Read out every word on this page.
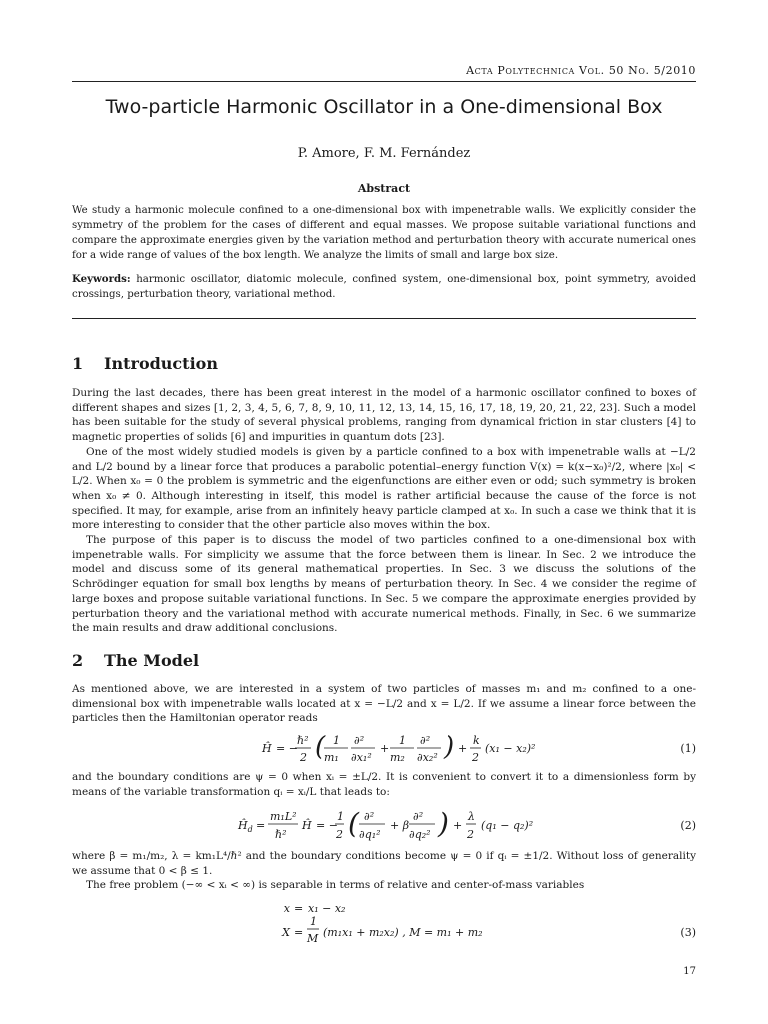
Acta Polytechnica Vol. 50 No. 5/2010
Two-particle Harmonic Oscillator in a One-dimensional Box
P. Amore, F. M. Fernández
Abstract
We study a harmonic molecule confined to a one-dimensional box with impenetrable walls. We explicitly consider the symmetry of the problem for the cases of different and equal masses. We propose suitable variational functions and compare the approximate energies given by the variation method and perturbation theory with accurate numerical ones for a wide range of values of the box length. We analyze the limits of small and large box size.
Keywords: harmonic oscillator, diatomic molecule, confined system, one-dimensional box, point symmetry, avoided crossings, perturbation theory, variational method.
1 Introduction

During the last decades, there has been great interest in the model of a harmonic oscillator confined to boxes of different shapes and sizes [1, 2, 3, 4, 5, 6, 7, 8, 9, 10, 11, 12, 13, 14, 15, 16, 17, 18, 19, 20, 21, 22, 23]. Such a model has been suitable for the study of several physical problems, ranging from dynamical friction in star clusters [4] to magnetic properties of solids [6] and impurities in quantum dots [23].

One of the most widely studied models is given by a particle confined to a box with impenetrable walls at −L/2 and L/2 bound by a linear force that produces a parabolic potential–energy function V(x) = k(x−x₀)²/2, where |x₀| < L/2. When x₀ = 0 the problem is symmetric and the eigenfunctions are either even or odd; such symmetry is broken when x₀ ≠ 0. Although interesting in itself, this model is rather artificial because the cause of the force is not specified. It may, for example, arise from an infinitely heavy particle clamped at x₀. In such a case we think that it is more interesting to consider that the other particle also moves within the box.

The purpose of this paper is to discuss the model of two particles confined to a one-dimensional box with impenetrable walls. For simplicity we assume that the force between them is linear. In Sec. 2 we introduce the model and discuss some of its general mathematical properties. In Sec. 3 we discuss the solutions of the Schrödinger equation for small box lengths by means of perturbation theory. In Sec. 4 we consider the regime of large boxes and propose suitable variational functions. In Sec. 5 we compare the approximate energies provided by perturbation theory and the variational method with accurate numerical methods. Finally, in Sec. 6 we summarize the main results and draw additional conclusions.

2 The Model

As mentioned above, we are interested in a system of two particles of masses m₁ and m₂ confined to a one-dimensional box with impenetrable walls located at x = −L/2 and x = L/2. If we assume a linear force between the particles then the Hamiltonian operator reads

Ĥ = −
ℏ²
2 ( 1
m₁
∂²
∂x₁²
+
1
m₂
∂²
∂x₂² ) +
k
2
(x₁ − x₂)²	(1)

and the boundary conditions are ψ = 0 when xᵢ = ±L/2. It is convenient to convert it to a dimensionless form by means of the variable transformation qᵢ = xᵢ/L that leads to:

$Ĥ_d$ =
m₁L²
ℏ²
Ĥ = −
1
2 ( ∂²
∂q₁²
+ β
∂²
∂q₂² ) +
λ
2
(q₁ − q₂)²	(2)

where β = m₁/m₂, λ = km₁L⁴/ℏ² and the boundary conditions become ψ = 0 if qᵢ = ±1/2. Without loss of generality we assume that 0 < β ≤ 1.

The free problem (−∞ < xᵢ < ∞) is separable in terms of relative and center-of-mass variables

x = x₁ − x₂
X =
1
M (m₁x₁ + m₂x₂) , M = m₁ + m₂	(3)
17
